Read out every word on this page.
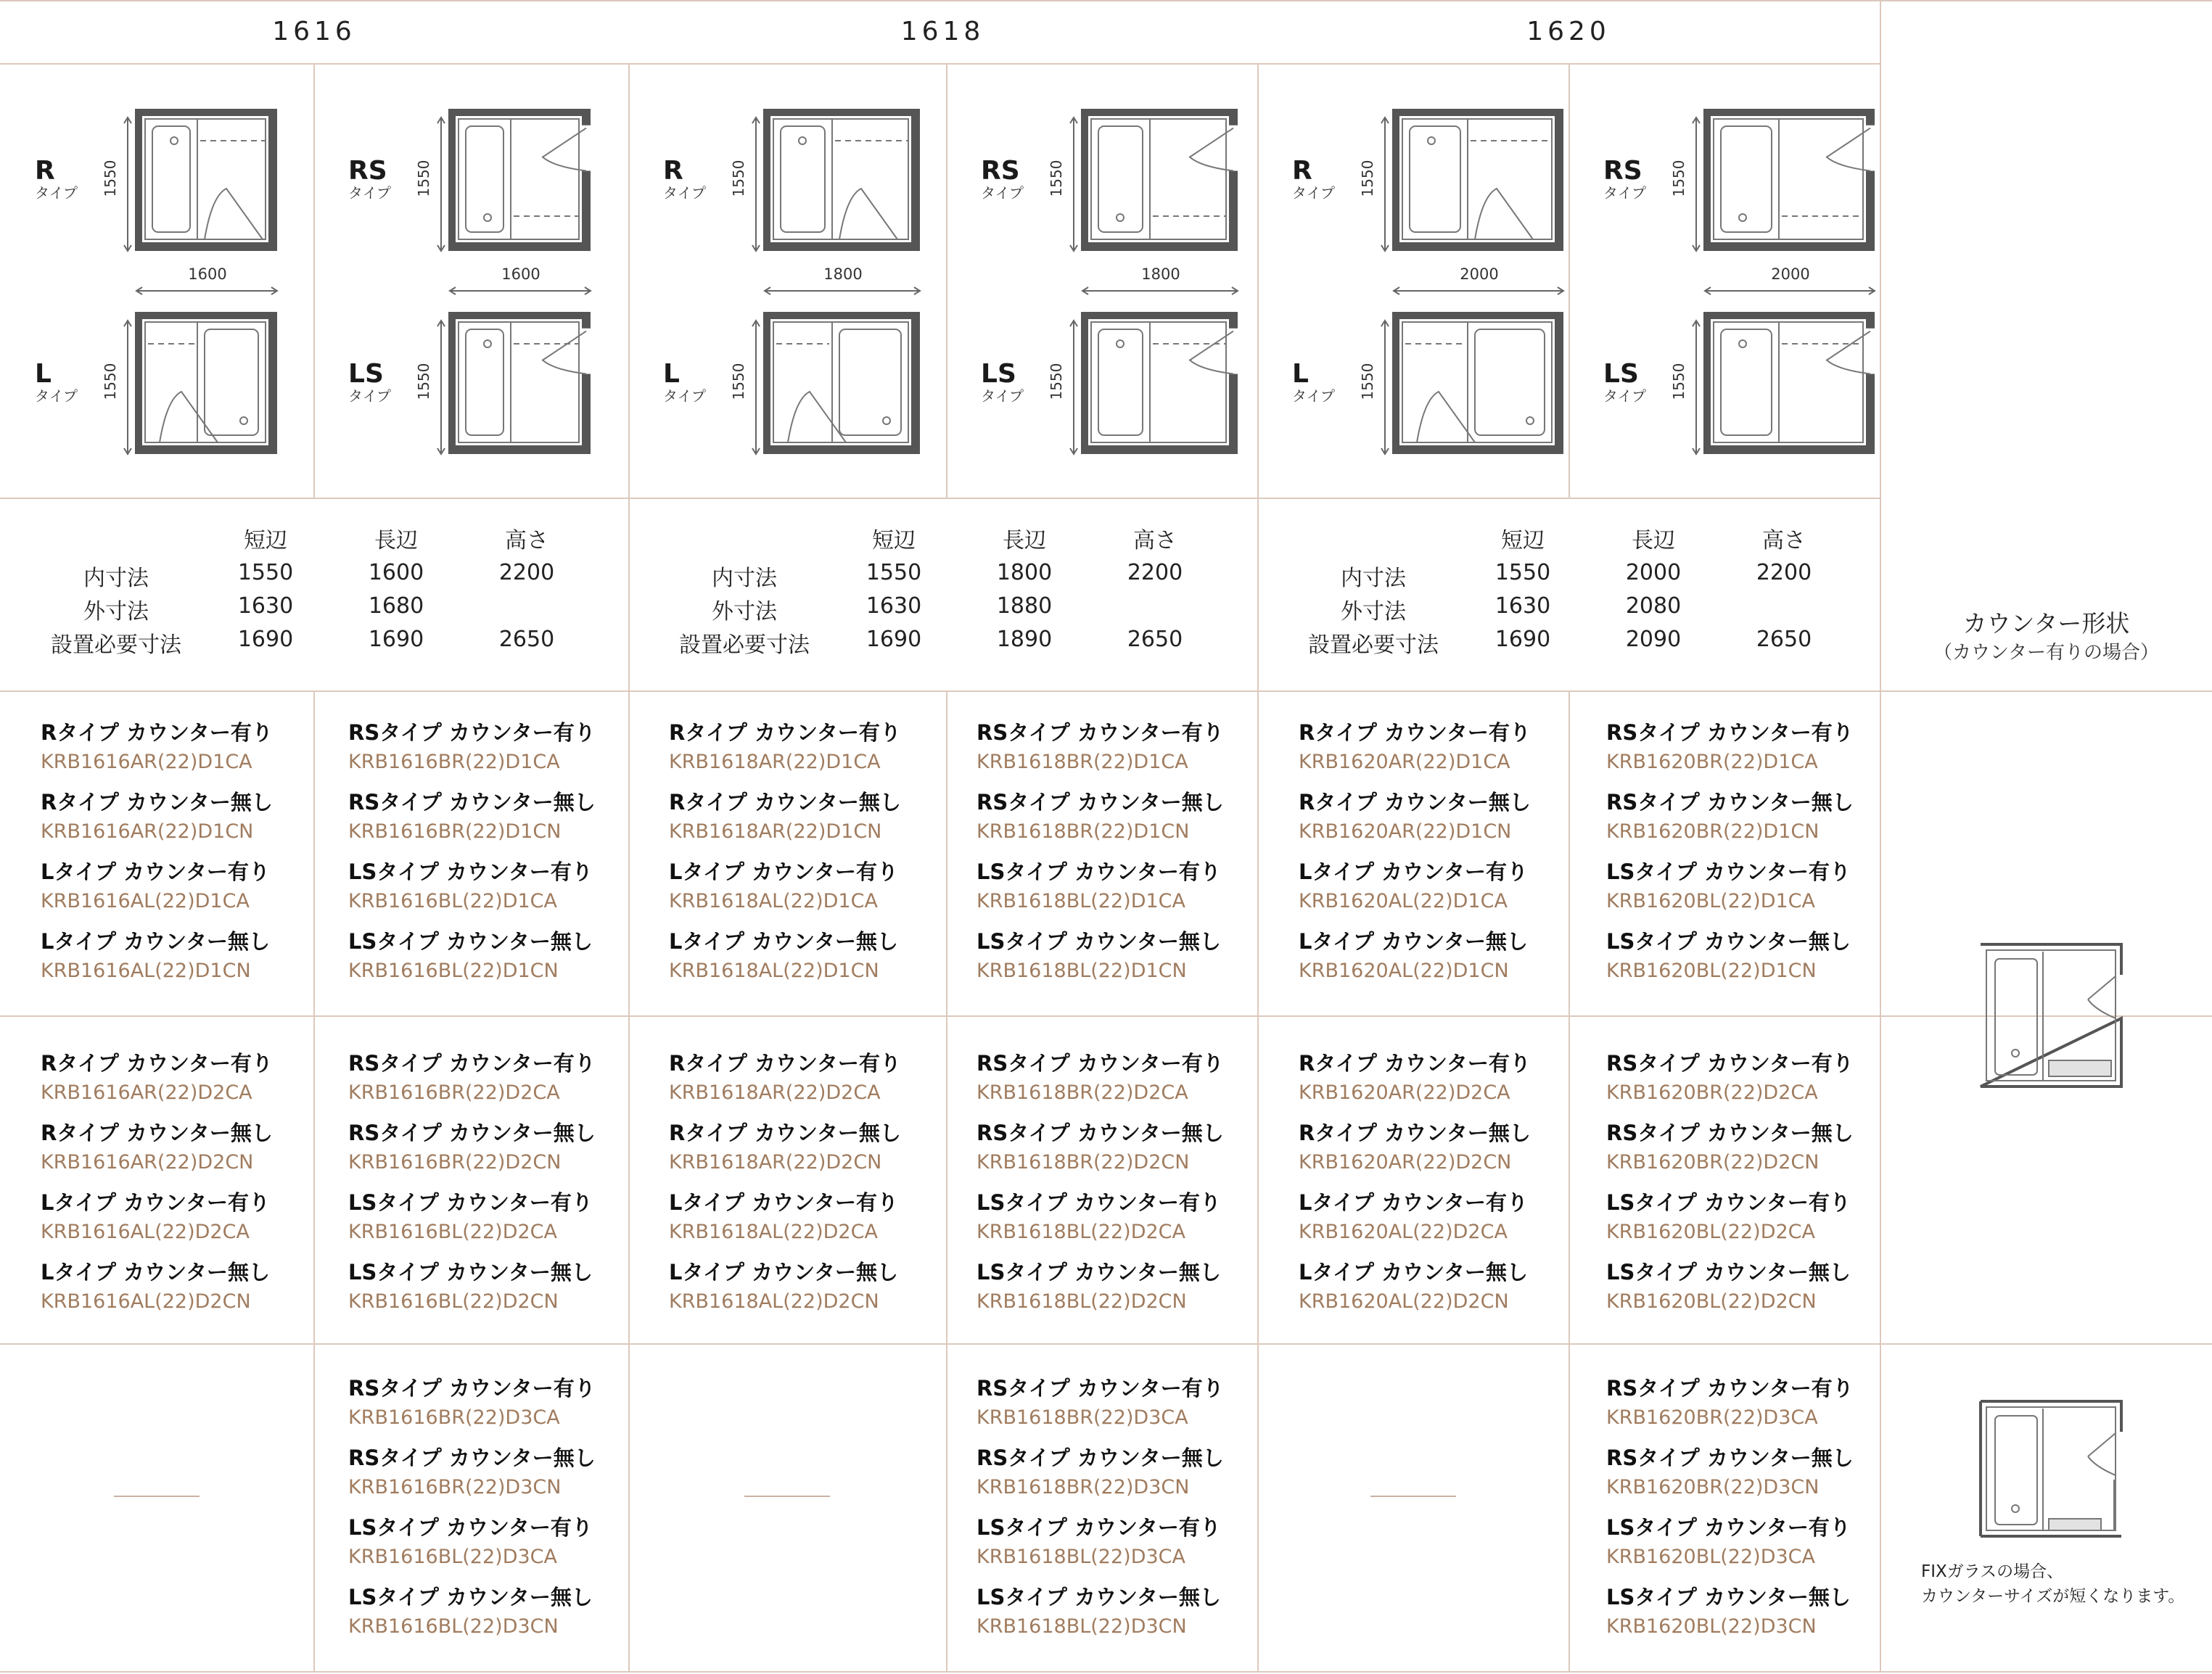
1616	1618	1620
R
タイプ 1550
L
タイプ 1550
1600
RS
タイプ 1550
LS
タイプ 1550
1600
R
タイプ 1550
L
タイプ 1550
1800
RS
タイプ 1550
LS
タイプ 1550
1800
R
タイプ 1550
L
タイプ 1550
2000
RS
タイプ 1550
LS
タイプ 1550
2000
短辺	長辺	高さ
内寸法	1550	1600	2200
外寸法	1630	1680
設置必要寸法	1690	1690	2650
短辺	長辺	高さ
内寸法	1550	1800	2200
外寸法	1630	1880
設置必要寸法	1690	1890	2650
短辺	長辺	高さ
内寸法	1550	2000	2200
外寸法	1630	2080
設置必要寸法	1690	2090	2650
カウンター形状
（カウンター有りの場合）
FIXガラスの場合、
カウンターサイズが短くなります。
Rタイプ カウンター有り
KRB1616AR(22)D1CA
Rタイプ カウンター無し
KRB1616AR(22)D1CN
Lタイプ カウンター有り
KRB1616AL(22)D1CA
Lタイプ カウンター無し
KRB1616AL(22)D1CN
RSタイプ カウンター有り
KRB1616BR(22)D1CA
RSタイプ カウンター無し
KRB1616BR(22)D1CN
LSタイプ カウンター有り
KRB1616BL(22)D1CA
LSタイプ カウンター無し
KRB1616BL(22)D1CN
Rタイプ カウンター有り
KRB1618AR(22)D1CA
Rタイプ カウンター無し
KRB1618AR(22)D1CN
Lタイプ カウンター有り
KRB1618AL(22)D1CA
Lタイプ カウンター無し
KRB1618AL(22)D1CN
RSタイプ カウンター有り
KRB1618BR(22)D1CA
RSタイプ カウンター無し
KRB1618BR(22)D1CN
LSタイプ カウンター有り
KRB1618BL(22)D1CA
LSタイプ カウンター無し
KRB1618BL(22)D1CN
Rタイプ カウンター有り
KRB1620AR(22)D1CA
Rタイプ カウンター無し
KRB1620AR(22)D1CN
Lタイプ カウンター有り
KRB1620AL(22)D1CA
Lタイプ カウンター無し
KRB1620AL(22)D1CN
RSタイプ カウンター有り
KRB1620BR(22)D1CA
RSタイプ カウンター無し
KRB1620BR(22)D1CN
LSタイプ カウンター有り
KRB1620BL(22)D1CA
LSタイプ カウンター無し
KRB1620BL(22)D1CN
Rタイプ カウンター有り
KRB1616AR(22)D2CA
Rタイプ カウンター無し
KRB1616AR(22)D2CN
Lタイプ カウンター有り
KRB1616AL(22)D2CA
Lタイプ カウンター無し
KRB1616AL(22)D2CN
RSタイプ カウンター有り
KRB1616BR(22)D2CA
RSタイプ カウンター無し
KRB1616BR(22)D2CN
LSタイプ カウンター有り
KRB1616BL(22)D2CA
LSタイプ カウンター無し
KRB1616BL(22)D2CN
Rタイプ カウンター有り
KRB1618AR(22)D2CA
Rタイプ カウンター無し
KRB1618AR(22)D2CN
Lタイプ カウンター有り
KRB1618AL(22)D2CA
Lタイプ カウンター無し
KRB1618AL(22)D2CN
RSタイプ カウンター有り
KRB1618BR(22)D2CA
RSタイプ カウンター無し
KRB1618BR(22)D2CN
LSタイプ カウンター有り
KRB1618BL(22)D2CA
LSタイプ カウンター無し
KRB1618BL(22)D2CN
Rタイプ カウンター有り
KRB1620AR(22)D2CA
Rタイプ カウンター無し
KRB1620AR(22)D2CN
Lタイプ カウンター有り
KRB1620AL(22)D2CA
Lタイプ カウンター無し
KRB1620AL(22)D2CN
RSタイプ カウンター有り
KRB1620BR(22)D2CA
RSタイプ カウンター無し
KRB1620BR(22)D2CN
LSタイプ カウンター有り
KRB1620BL(22)D2CA
LSタイプ カウンター無し
KRB1620BL(22)D2CN
RSタイプ カウンター有り
KRB1616BR(22)D3CA
RSタイプ カウンター無し
KRB1616BR(22)D3CN
LSタイプ カウンター有り
KRB1616BL(22)D3CA
LSタイプ カウンター無し
KRB1616BL(22)D3CN
RSタイプ カウンター有り
KRB1618BR(22)D3CA
RSタイプ カウンター無し
KRB1618BR(22)D3CN
LSタイプ カウンター有り
KRB1618BL(22)D3CA
LSタイプ カウンター無し
KRB1618BL(22)D3CN
RSタイプ カウンター有り
KRB1620BR(22)D3CA
RSタイプ カウンター無し
KRB1620BR(22)D3CN
LSタイプ カウンター有り
KRB1620BL(22)D3CA
LSタイプ カウンター無し
KRB1620BL(22)D3CN
